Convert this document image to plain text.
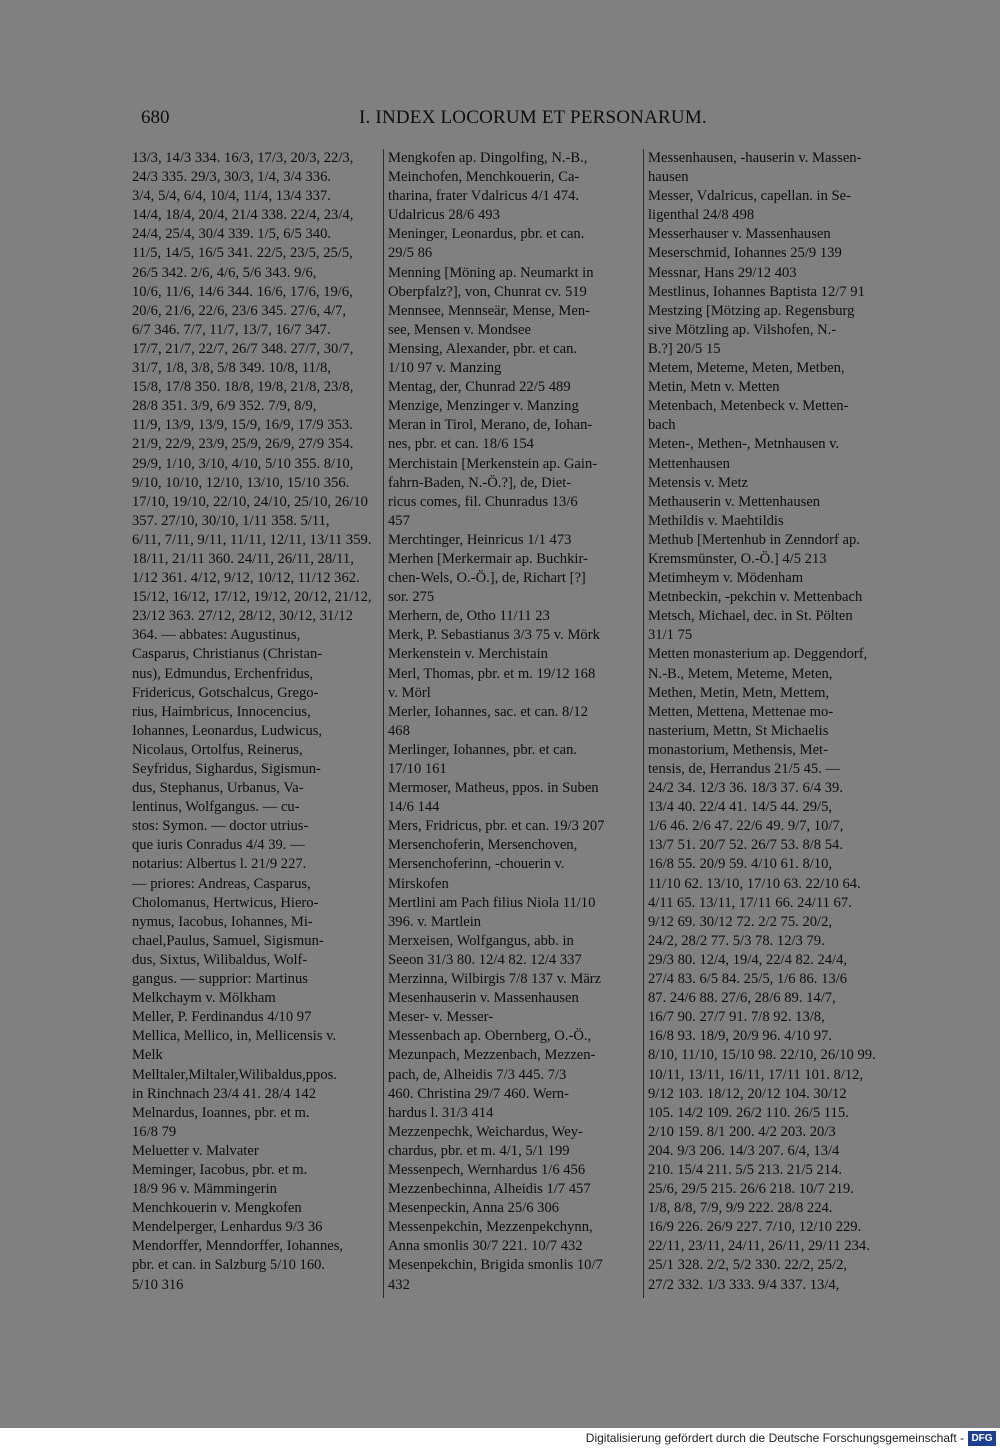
680	I. INDEX LOCORUM ET PERSONARUM.
13/3, 14/3 334. 16/3, 17/3, 20/3, 22/3,
24/3 335. 29/3, 30/3, 1/4, 3/4 336.
3/4, 5/4, 6/4, 10/4, 11/4, 13/4 337.
14/4, 18/4, 20/4, 21/4 338. 22/4, 23/4,
24/4, 25/4, 30/4 339. 1/5, 6/5 340.
11/5, 14/5, 16/5 341. 22/5, 23/5, 25/5,
26/5 342. 2/6, 4/6, 5/6 343. 9/6,
10/6, 11/6, 14/6 344. 16/6, 17/6, 19/6,
20/6, 21/6, 22/6, 23/6 345. 27/6, 4/7,
6/7 346. 7/7, 11/7, 13/7, 16/7 347.
17/7, 21/7, 22/7, 26/7 348. 27/7, 30/7,
31/7, 1/8, 3/8, 5/8 349. 10/8, 11/8,
15/8, 17/8 350. 18/8, 19/8, 21/8, 23/8,
28/8 351. 3/9, 6/9 352. 7/9, 8/9,
11/9, 13/9, 13/9, 15/9, 16/9, 17/9 353.
21/9, 22/9, 23/9, 25/9, 26/9, 27/9 354.
29/9, 1/10, 3/10, 4/10, 5/10 355. 8/10,
9/10, 10/10, 12/10, 13/10, 15/10 356.
17/10, 19/10, 22/10, 24/10, 25/10, 26/10
357. 27/10, 30/10, 1/11 358. 5/11,
6/11, 7/11, 9/11, 11/11, 12/11, 13/11 359.
18/11, 21/11 360. 24/11, 26/11, 28/11,
1/12 361. 4/12, 9/12, 10/12, 11/12 362.
15/12, 16/12, 17/12, 19/12, 20/12, 21/12,
23/12 363. 27/12, 28/12, 30/12, 31/12
364. — abbates: Augustinus,
Casparus, Christianus (Christan-
nus), Edmundus, Erchenfridus,
Fridericus, Gotschalcus, Grego-
rius, Haimbricus, Innocencius,
Iohannes, Leonardus, Ludwicus,
Nicolaus, Ortolfus, Reinerus,
Seyfridus, Sighardus, Sigismun-
dus, Stephanus, Urbanus, Va-
lentinus, Wolfgangus. — cu-
stos: Symon. — doctor utrius-
que iuris Conradus 4/4 39. —
notarius: Albertus l. 21/9 227.
— priores: Andreas, Casparus,
Cholomanus, Hertwicus, Hiero-
nymus, Iacobus, Iohannes, Mi-
chael,Paulus, Samuel, Sigismun-
dus, Sixtus, Wilibaldus, Wolf-
gangus. — supprior: Martinus
Melkchaym v. Mölkham
Meller, P. Ferdinandus 4/10 97
Mellica, Mellico, in, Mellicensis v.
Melk
Melltaler,Miltaler,Wilibaldus,ppos.
in Rinchnach 23/4 41. 28/4 142
Melnardus, Ioannes, pbr. et m.
16/8 79
Meluetter v. Malvater
Meminger, Iacobus, pbr. et m.
18/9 96 v. Mämmingerin
Menchkouerin v. Mengkofen
Mendelperger, Lenhardus 9/3 36
Mendorffer, Menndorffer, Iohannes,
pbr. et can. in Salzburg 5/10 160.
5/10 316
Mengkofen ap. Dingolfing, N.-B.,
Meinchofen, Menchkouerin, Ca-
tharina, frater Vdalricus 4/1 474.
Udalricus 28/6 493
Meninger, Leonardus, pbr. et can.
29/5 86
Menning [Möning ap. Neumarkt in
Oberpfalz?], von, Chunrat cv. 519
Mennsee, Mennseär, Mense, Men-
see, Mensen v. Mondsee
Mensing, Alexander, pbr. et can.
1/10 97 v. Manzing
Mentag, der, Chunrad 22/5 489
Menzige, Menzinger v. Manzing
Meran in Tirol, Merano, de, Iohan-
nes, pbr. et can. 18/6 154
Merchistain [Merkenstein ap. Gain-
fahrn-Baden, N.-Ö.?], de, Diet-
ricus comes, fil. Chunradus 13/6
457
Merchtinger, Heinricus 1/1 473
Merhen [Merkermair ap. Buchkir-
chen-Wels, O.-Ö.], de, Richart [?]
sor. 275
Merhern, de, Otho 11/11 23
Merk, P. Sebastianus 3/3 75 v. Mörk
Merkenstein v. Merchistain
Merl, Thomas, pbr. et m. 19/12 168
v. Mörl
Merler, Iohannes, sac. et can. 8/12
468
Merlinger, Iohannes, pbr. et can.
17/10 161
Mermoser, Matheus, ppos. in Suben
14/6 144
Mers, Fridricus, pbr. et can. 19/3 207
Mersenchoferin, Mersenchoven,
Mersenchoferinn, -chouerin v.
Mirskofen
Mertlini am Pach filius Niola 11/10
396. v. Martlein
Merxeisen, Wolfgangus, abb. in
Seeon 31/3 80. 12/4 82. 12/4 337
Merzinna, Wilbirgis 7/8 137 v. März
Mesenhauserin v. Massenhausen
Meser- v. Messer-
Messenbach ap. Obernberg, O.-Ö.,
Mezunpach, Mezzenbach, Mezzen-
pach, de, Alheidis 7/3 445. 7/3
460. Christina 29/7 460. Wern-
hardus l. 31/3 414
Mezzenpechk, Weichardus, Wey-
chardus, pbr. et m. 4/1, 5/1 199
Messenpech, Wernhardus 1/6 456
Mezzenbechinna, Alheidis 1/7 457
Mesenpeckin, Anna 25/6 306
Messenpekchin, Mezzenpekchynn,
Anna smonlis 30/7 221. 10/7 432
Mesenpekchin, Brigida smonlis 10/7
432
Messenhausen, -hauserin v. Massen-
hausen
Messer, Vdalricus, capellan. in Se-
ligenthal 24/8 498
Messerhauser v. Massenhausen
Meserschmid, Iohannes 25/9 139
Messnar, Hans 29/12 403
Mestlinus, Iohannes Baptista 12/7 91
Mestzing [Mötzing ap. Regensburg
sive Mötzling ap. Vilshofen, N.-
B.?] 20/5 15
Metem, Meteme, Meten, Metben,
Metin, Metn v. Metten
Metenbach, Metenbeck v. Metten-
bach
Meten-, Methen-, Metnhausen v.
Mettenhausen
Metensis v. Metz
Methauserin v. Mettenhausen
Methildis v. Maehtildis
Methub [Mertenhub in Zenndorf ap.
Kremsmünster, O.-Ö.] 4/5 213
Metimheym v. Mödenham
Metnbeckin, -pekchin v. Mettenbach
Metsch, Michael, dec. in St. Pölten
31/1 75
Metten monasterium ap. Deggendorf,
N.-B., Metem, Meteme, Meten,
Methen, Metin, Metn, Mettem,
Metten, Mettena, Mettenae mo-
nasterium, Mettn, St Michaelis
monastorium, Methensis, Met-
tensis, de, Herrandus 21/5 45. —
24/2 34. 12/3 36. 18/3 37. 6/4 39.
13/4 40. 22/4 41. 14/5 44. 29/5,
1/6 46. 2/6 47. 22/6 49. 9/7, 10/7,
13/7 51. 20/7 52. 26/7 53. 8/8 54.
16/8 55. 20/9 59. 4/10 61. 8/10,
11/10 62. 13/10, 17/10 63. 22/10 64.
4/11 65. 13/11, 17/11 66. 24/11 67.
9/12 69. 30/12 72. 2/2 75. 20/2,
24/2, 28/2 77. 5/3 78. 12/3 79.
29/3 80. 12/4, 19/4, 22/4 82. 24/4,
27/4 83. 6/5 84. 25/5, 1/6 86. 13/6
87. 24/6 88. 27/6, 28/6 89. 14/7,
16/7 90. 27/7 91. 7/8 92. 13/8,
16/8 93. 18/9, 20/9 96. 4/10 97.
8/10, 11/10, 15/10 98. 22/10, 26/10 99.
10/11, 13/11, 16/11, 17/11 101. 8/12,
9/12 103. 18/12, 20/12 104. 30/12
105. 14/2 109. 26/2 110. 26/5 115.
2/10 159. 8/1 200. 4/2 203. 20/3
204. 9/3 206. 14/3 207. 6/4, 13/4
210. 15/4 211. 5/5 213. 21/5 214.
25/6, 29/5 215. 26/6 218. 10/7 219.
1/8, 8/8, 7/9, 9/9 222. 28/8 224.
16/9 226. 26/9 227. 7/10, 12/10 229.
22/11, 23/11, 24/11, 26/11, 29/11 234.
25/1 328. 2/2, 5/2 330. 22/2, 25/2,
27/2 332. 1/3 333. 9/4 337. 13/4,
Digitalisierung gefördert durch die Deutsche Forschungsgemeinschaft - DFG
